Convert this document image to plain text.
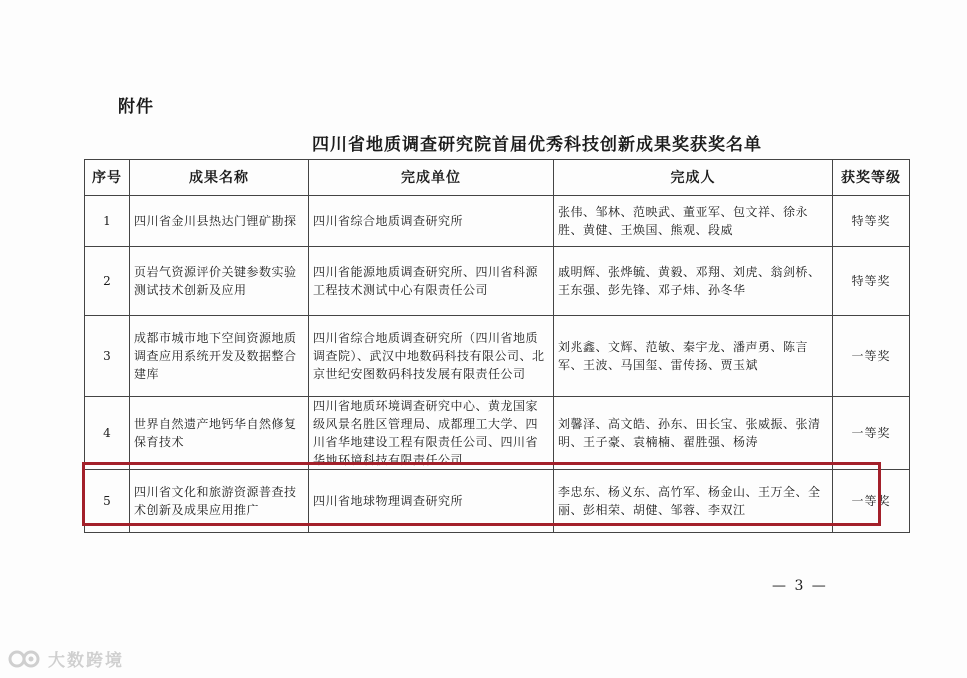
附件
四川省地质调查研究院首届优秀科技创新成果奖获奖名单
序号	成果名称	完成单位	完成人	获奖等级
1	四川省金川县热达门锂矿勘探	四川省综合地质调查研究所	张伟、邹林、范映武、董亚军、包文祥、徐永胜、黄健、王焕国、熊观、段威	特等奖
2	页岩气资源评价关键参数实验测试技术创新及应用	四川省能源地质调查研究所、四川省科源工程技术测试中心有限责任公司	戚明辉、张烨毓、黄毅、邓翔、刘虎、翁剑桥、王东强、彭先锋、邓子炜、孙冬华	特等奖
3	成都市城市地下空间资源地质调查应用系统开发及数据整合建库	四川省综合地质调查研究所（四川省地质调查院）、武汉中地数码科技有限公司、北京世纪安图数码科技发展有限责任公司	刘兆鑫、文辉、范敏、秦宇龙、潘声勇、陈言军、王波、马国玺、雷传扬、贾玉斌	一等奖
4	世界自然遗产地钙华自然修复保育技术	四川省地质环境调查研究中心、黄龙国家级风景名胜区管理局、成都理工大学、四川省华地建设工程有限责任公司、四川省华地环境科技有限责任公司	刘馨泽、高文皓、孙东、田长宝、张威振、张清明、王子豪、袁楠楠、翟胜强、杨涛	一等奖
5	四川省文化和旅游资源普查技术创新及成果应用推广	四川省地球物理调查研究所	李忠东、杨义东、高竹军、杨金山、王万全、全丽、彭相荣、胡健、邹蓉、李双江	一等奖
— 3 —
大数跨境
